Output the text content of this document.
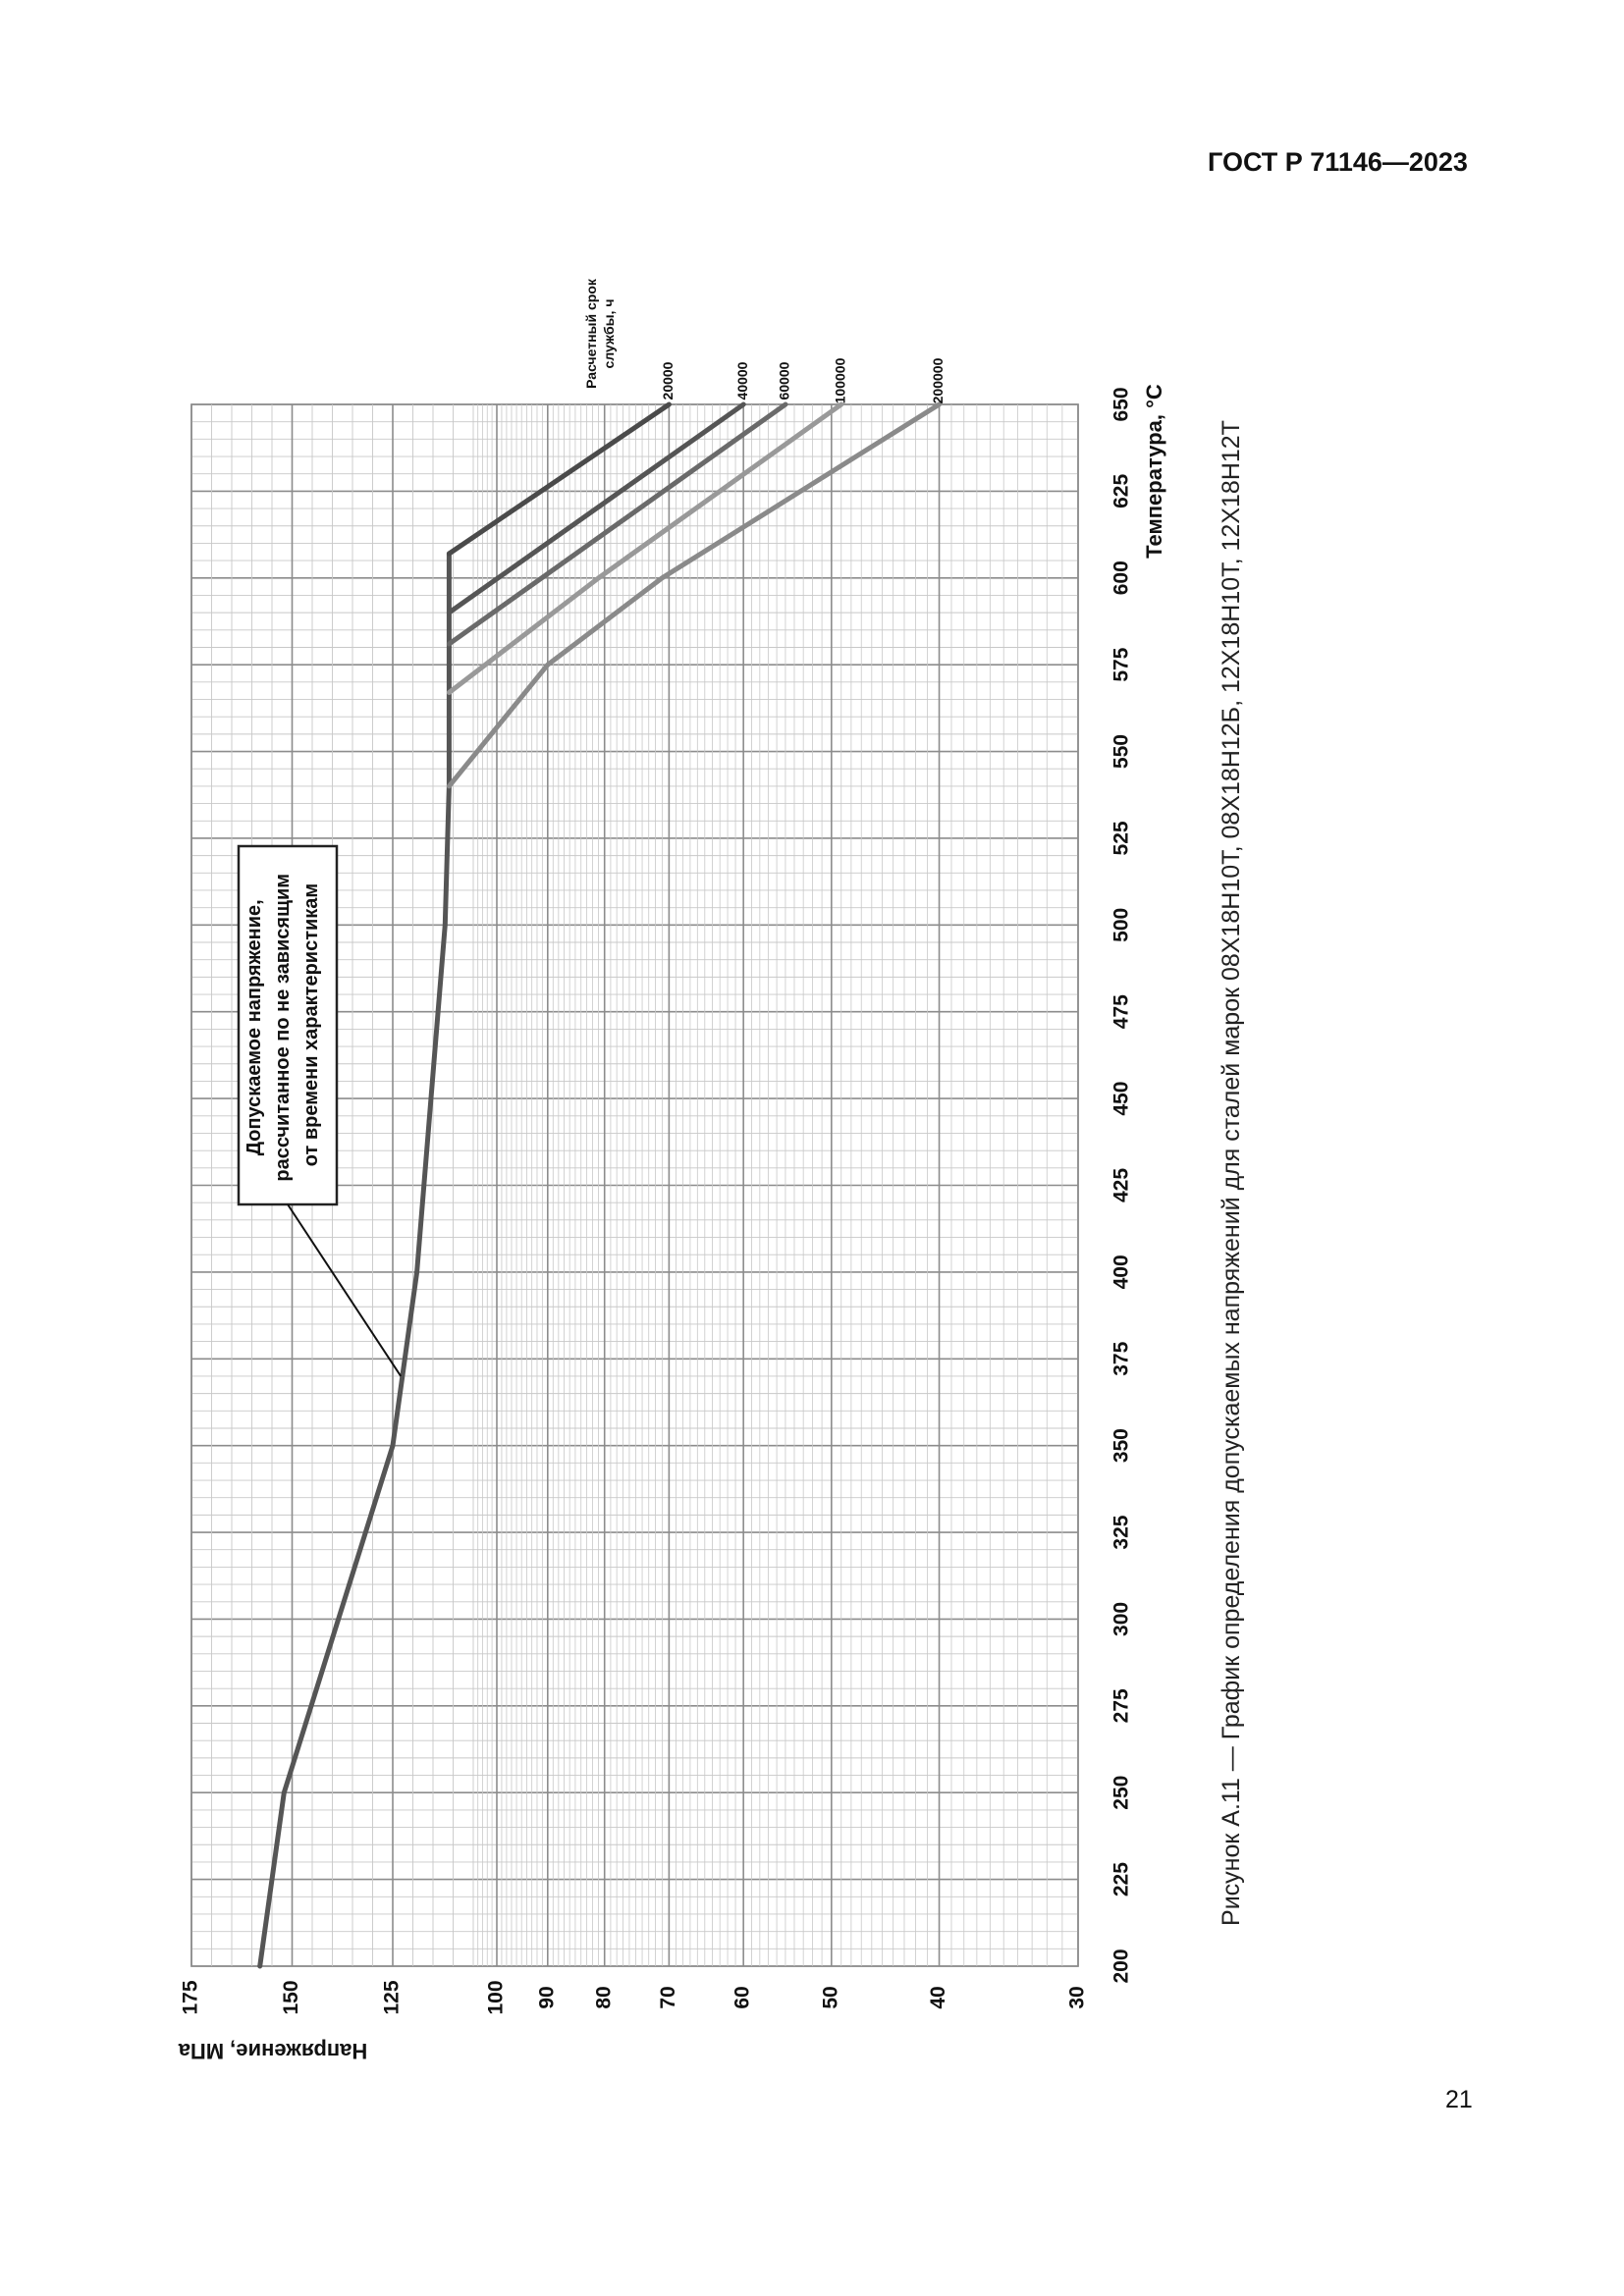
ГОСТ Р 71146—2023
21
200
225
250
275
300
325
350
375
400
425
450
475
500
525
550
575
600
625
650
175	150	125	100 90 80 70	60	50	40	30
20000	40000 60000	100000	200000
Температура, °С
Напряжение, МПа
Рисунок А.11 — График определения допускаемых напряжений для сталей марок 08Х18Н10Т, 08Х18Н12Б, 12Х18Н10Т, 12Х18Н12Т
Расчетный срок службы, ч
Допускаемое напряжение, рассчитанное по не зависящим от времени характеристикам
